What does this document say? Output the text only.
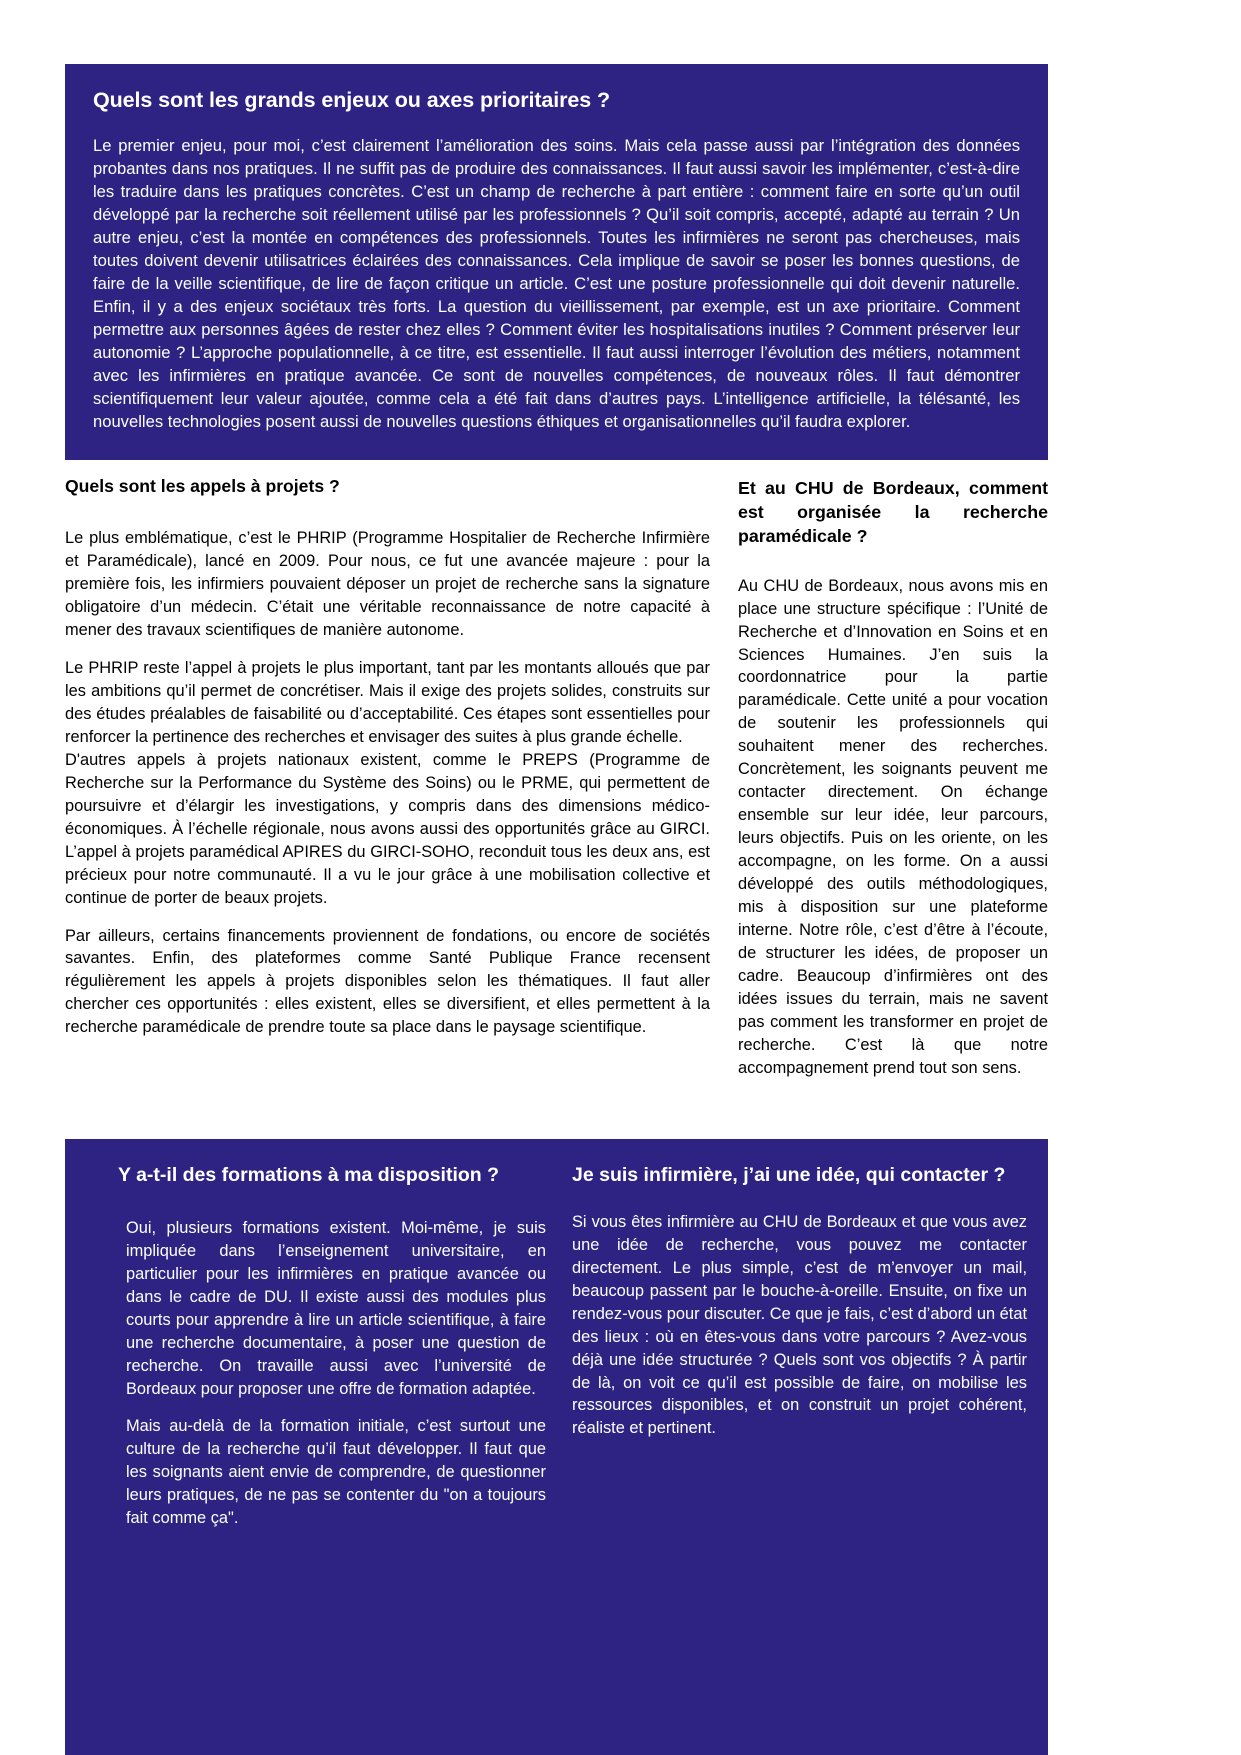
Quels sont les grands enjeux ou axes prioritaires ?

Le premier enjeu, pour moi, c’est clairement l’amélioration des soins. Mais cela passe aussi par l’intégration des données probantes dans nos pratiques. Il ne suffit pas de produire des connaissances. Il faut aussi savoir les implémenter, c’est-à-dire les traduire dans les pratiques concrètes. C’est un champ de recherche à part entière : comment faire en sorte qu’un outil développé par la recherche soit réellement utilisé par les professionnels ? Qu’il soit compris, accepté, adapté au terrain ? Un autre enjeu, c’est la montée en compétences des professionnels. Toutes les infirmières ne seront pas chercheuses, mais toutes doivent devenir utilisatrices éclairées des connaissances. Cela implique de savoir se poser les bonnes questions, de faire de la veille scientifique, de lire de façon critique un article. C’est une posture professionnelle qui doit devenir naturelle. Enfin, il y a des enjeux sociétaux très forts. La question du vieillissement, par exemple, est un axe prioritaire. Comment permettre aux personnes âgées de rester chez elles ? Comment éviter les hospitalisations inutiles ? Comment préserver leur autonomie ? L’approche populationnelle, à ce titre, est essentielle. Il faut aussi interroger l’évolution des métiers, notamment avec les infirmières en pratique avancée. Ce sont de nouvelles compétences, de nouveaux rôles. Il faut démontrer scientifiquement leur valeur ajoutée, comme cela a été fait dans d’autres pays. L’intelligence artificielle, la télésanté, les nouvelles technologies posent aussi de nouvelles questions éthiques et organisationnelles qu’il faudra explorer.

Quels sont les appels à projets ?

Le plus emblématique, c’est le PHRIP (Programme Hospitalier de Recherche Infirmière et Paramédicale), lancé en 2009. Pour nous, ce fut une avancée majeure : pour la première fois, les infirmiers pouvaient déposer un projet de recherche sans la signature obligatoire d’un médecin. C’était une véritable reconnaissance de notre capacité à mener des travaux scientifiques de manière autonome.

Le PHRIP reste l’appel à projets le plus important, tant par les montants alloués que par les ambitions qu’il permet de concrétiser. Mais il exige des projets solides, construits sur des études préalables de faisabilité ou d’acceptabilité. Ces étapes sont essentielles pour renforcer la pertinence des recherches et envisager des suites à plus grande échelle.

D'autres appels à projets nationaux existent, comme le PREPS (Programme de Recherche sur la Performance du Système des Soins) ou le PRME, qui permettent de poursuivre et d’élargir les investigations, y compris dans des dimensions médico-économiques. À l’échelle régionale, nous avons aussi des opportunités grâce au GIRCI. L’appel à projets paramédical APIRES du GIRCI-SOHO, reconduit tous les deux ans, est précieux pour notre communauté. Il a vu le jour grâce à une mobilisation collective et continue de porter de beaux projets.

Par ailleurs, certains financements proviennent de fondations, ou encore de sociétés savantes. Enfin, des plateformes comme Santé Publique France recensent régulièrement les appels à projets disponibles selon les thématiques. Il faut aller chercher ces opportunités : elles existent, elles se diversifient, et elles permettent à la recherche paramédicale de prendre toute sa place dans le paysage scientifique.

Et au CHU de Bordeaux, comment est organisée la recherche paramédicale ?

Au CHU de Bordeaux, nous avons mis en place une structure spécifique : l’Unité de Recherche et d’Innovation en Soins et en Sciences Humaines. J’en suis la coordonnatrice pour la partie paramédicale. Cette unité a pour vocation de soutenir les professionnels qui souhaitent mener des recherches. Concrètement, les soignants peuvent me contacter directement. On échange ensemble sur leur idée, leur parcours, leurs objectifs. Puis on les oriente, on les accompagne, on les forme. On a aussi développé des outils méthodologiques, mis à disposition sur une plateforme interne. Notre rôle, c’est d’être à l’écoute, de structurer les idées, de proposer un cadre. Beaucoup d’infirmières ont des idées issues du terrain, mais ne savent pas comment les transformer en projet de recherche. C’est là que notre accompagnement prend tout son sens.

Y a-t-il des formations à ma disposition ?

Oui, plusieurs formations existent. Moi-même, je suis impliquée dans l’enseignement universitaire, en particulier pour les infirmières en pratique avancée ou dans le cadre de DU. Il existe aussi des modules plus courts pour apprendre à lire un article scientifique, à faire une recherche documentaire, à poser une question de recherche. On travaille aussi avec l’université de Bordeaux pour proposer une offre de formation adaptée.

Mais au-delà de la formation initiale, c’est surtout une culture de la recherche qu’il faut développer. Il faut que les soignants aient envie de comprendre, de questionner leurs pratiques, de ne pas se contenter du "on a toujours fait comme ça".

Je suis infirmière, j’ai une idée, qui contacter ?

Si vous êtes infirmière au CHU de Bordeaux et que vous avez une idée de recherche, vous pouvez me contacter directement. Le plus simple, c’est de m’envoyer un mail, beaucoup passent par le bouche-à-oreille. Ensuite, on fixe un rendez-vous pour discuter. Ce que je fais, c’est d’abord un état des lieux : où en êtes-vous dans votre parcours ? Avez-vous déjà une idée structurée ? Quels sont vos objectifs ? À partir de là, on voit ce qu’il est possible de faire, on mobilise les ressources disponibles, et on construit un projet cohérent, réaliste et pertinent.
